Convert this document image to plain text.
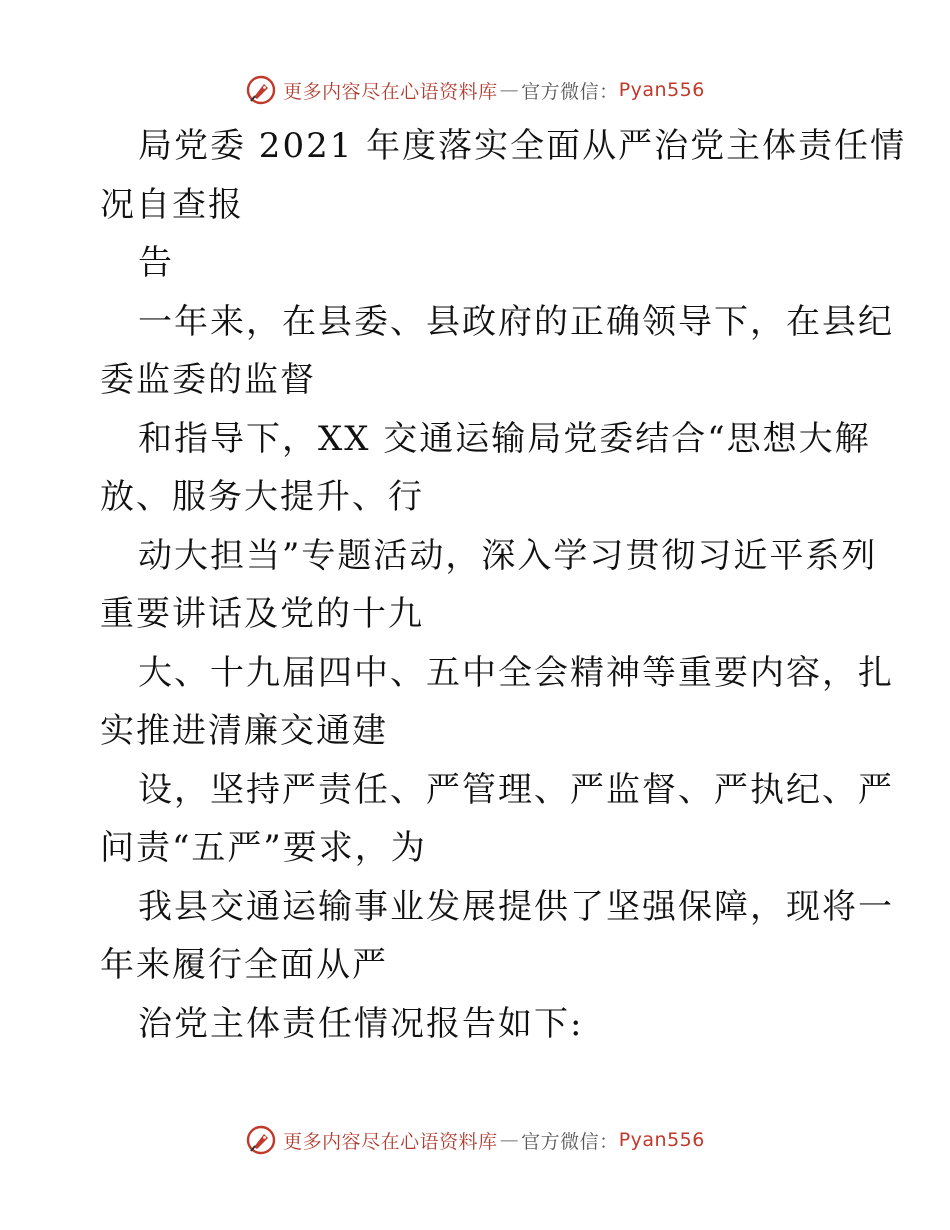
更多内容尽在心语资料库 — 官方微信： Pyan556
局党委 2021 年度落实全面从严治党主体责任情
况自查报
告
一年来，在县委、县政府的正确领导下，在县纪
委监委的监督
和指导下，XX 交通运输局党委结合“思想大解
放、服务大提升、行
动大担当”专题活动，深入学习贯彻习近平系列
重要讲话及党的十九
大、十九届四中、五中全会精神等重要内容，扎
实推进清廉交通建
设，坚持严责任、严管理、严监督、严执纪、严
问责“五严”要求，为
我县交通运输事业发展提供了坚强保障，现将一
年来履行全面从严
治党主体责任情况报告如下:
更多内容尽在心语资料库 — 官方微信： Pyan556
